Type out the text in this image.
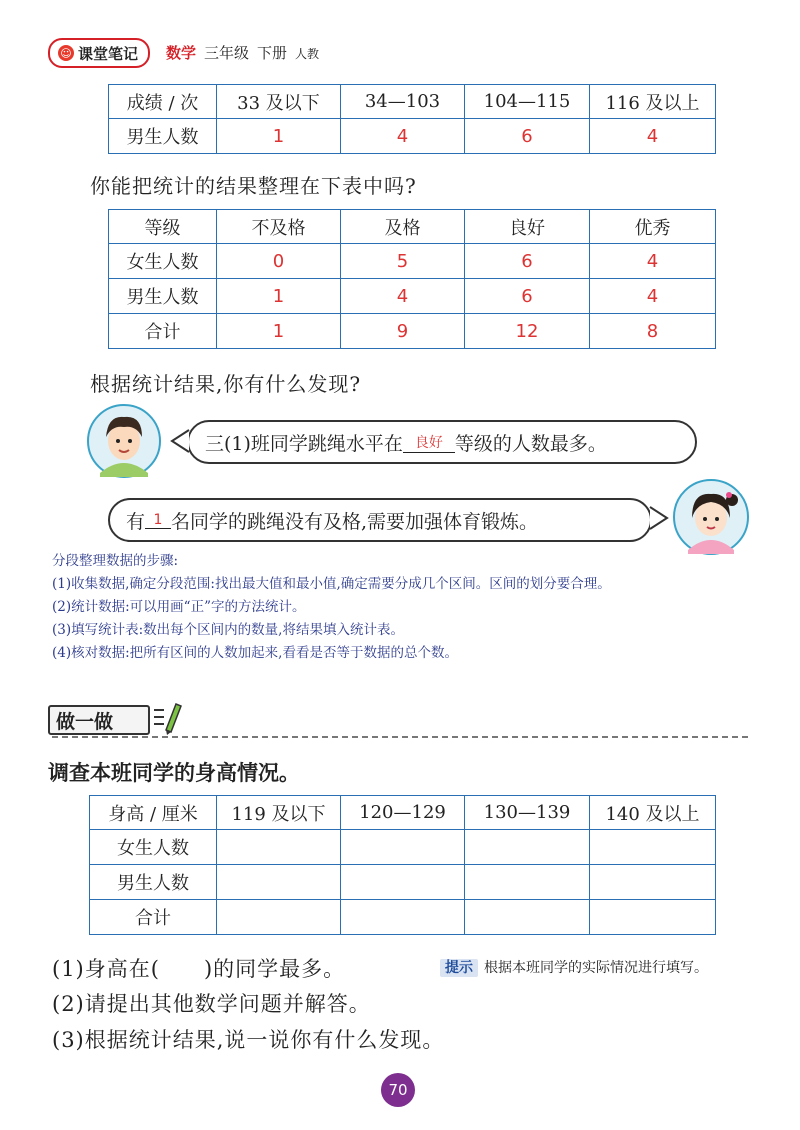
☺ 课堂笔记 数学 三年级 下册 人教
成绩 / 次	33 及以下	34—103	104—115	116 及以上
男生人数	1	4	6	4
你能把统计的结果整理在下表中吗?
等级	不及格	及格	良好	优秀
女生人数	0	5	6	4
男生人数	1	4	6	4
合计	1	9	12	8
根据统计结果,你有什么发现?
三(1)班同学跳绳水平在 良好 等级的人数最多。
有 1 名同学的跳绳没有及格,需要加强体育锻炼。

分段整理数据的步骤:

(1)收集数据,确定分段范围:找出最大值和最小值,确定需要分成几个区间。区间的划分要合理。

(2)统计数据:可以用画“正”字的方法统计。

(3)填写统计表:数出每个区间内的数量,将结果填入统计表。

(4)核对数据:把所有区间的人数加起来,看看是否等于数据的总个数。

做一做
调查本班同学的身高情况。
身高 / 厘米	119 及以下	120—129	130—139	140 及以上
女生人数				
男生人数				
合计				
(1)身高在(　　)的同学最多。
(2)请提出其他数学问题并解答。
(3)根据统计结果,说一说你有什么发现。
提示 根据本班同学的实际情况进行填写。
70
